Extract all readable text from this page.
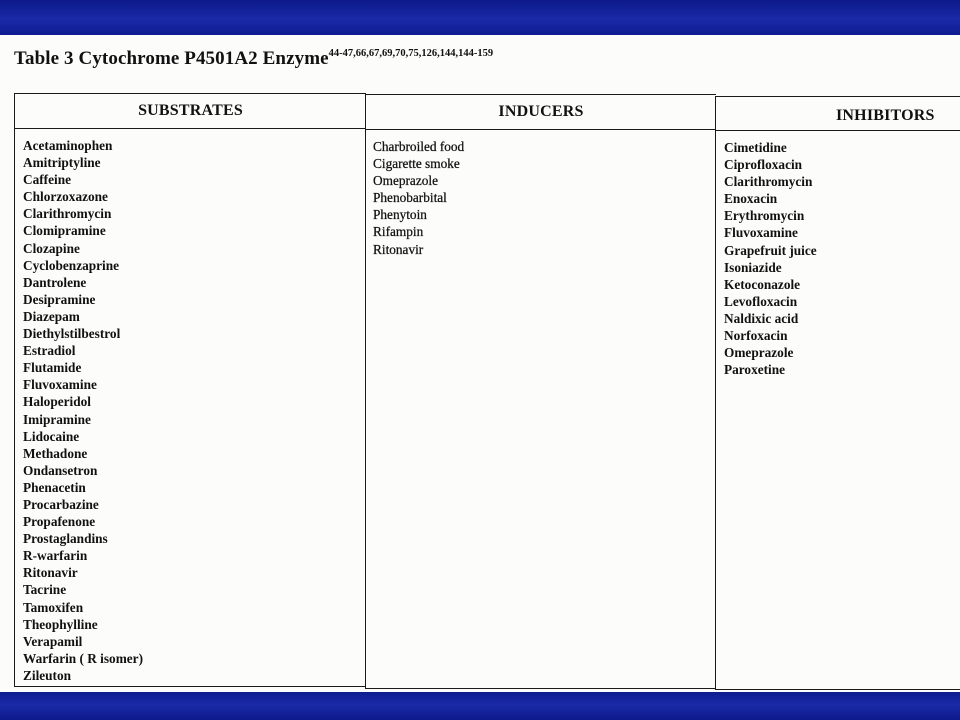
Table 3 Cytochrome P4501A2 Enzyme$^{44-47,66,67,69,70,75,126,144,144-159}$
SUBSTRATES
Acetaminophen
Amitriptyline
Caffeine
Chlorzoxazone
Clarithromycin
Clomipramine
Clozapine
Cyclobenzaprine
Dantrolene
Desipramine
Diazepam
Diethylstilbestrol
Estradiol
Flutamide
Fluvoxamine
Haloperidol
Imipramine
Lidocaine
Methadone
Ondansetron
Phenacetin
Procarbazine
Propafenone
Prostaglandins
R-warfarin
Ritonavir
Tacrine
Tamoxifen
Theophylline
Verapamil
Warfarin ( R isomer)
Zileuton
INDUCERS
Charbroiled food
Cigarette smoke
Omeprazole
Phenobarbital
Phenytoin
Rifampin
Ritonavir
INHIBITORS
Cimetidine
Ciprofloxacin
Clarithromycin
Enoxacin
Erythromycin
Fluvoxamine
Grapefruit juice
Isoniazide
Ketoconazole
Levofloxacin
Naldixic acid
Norfoxacin
Omeprazole
Paroxetine
